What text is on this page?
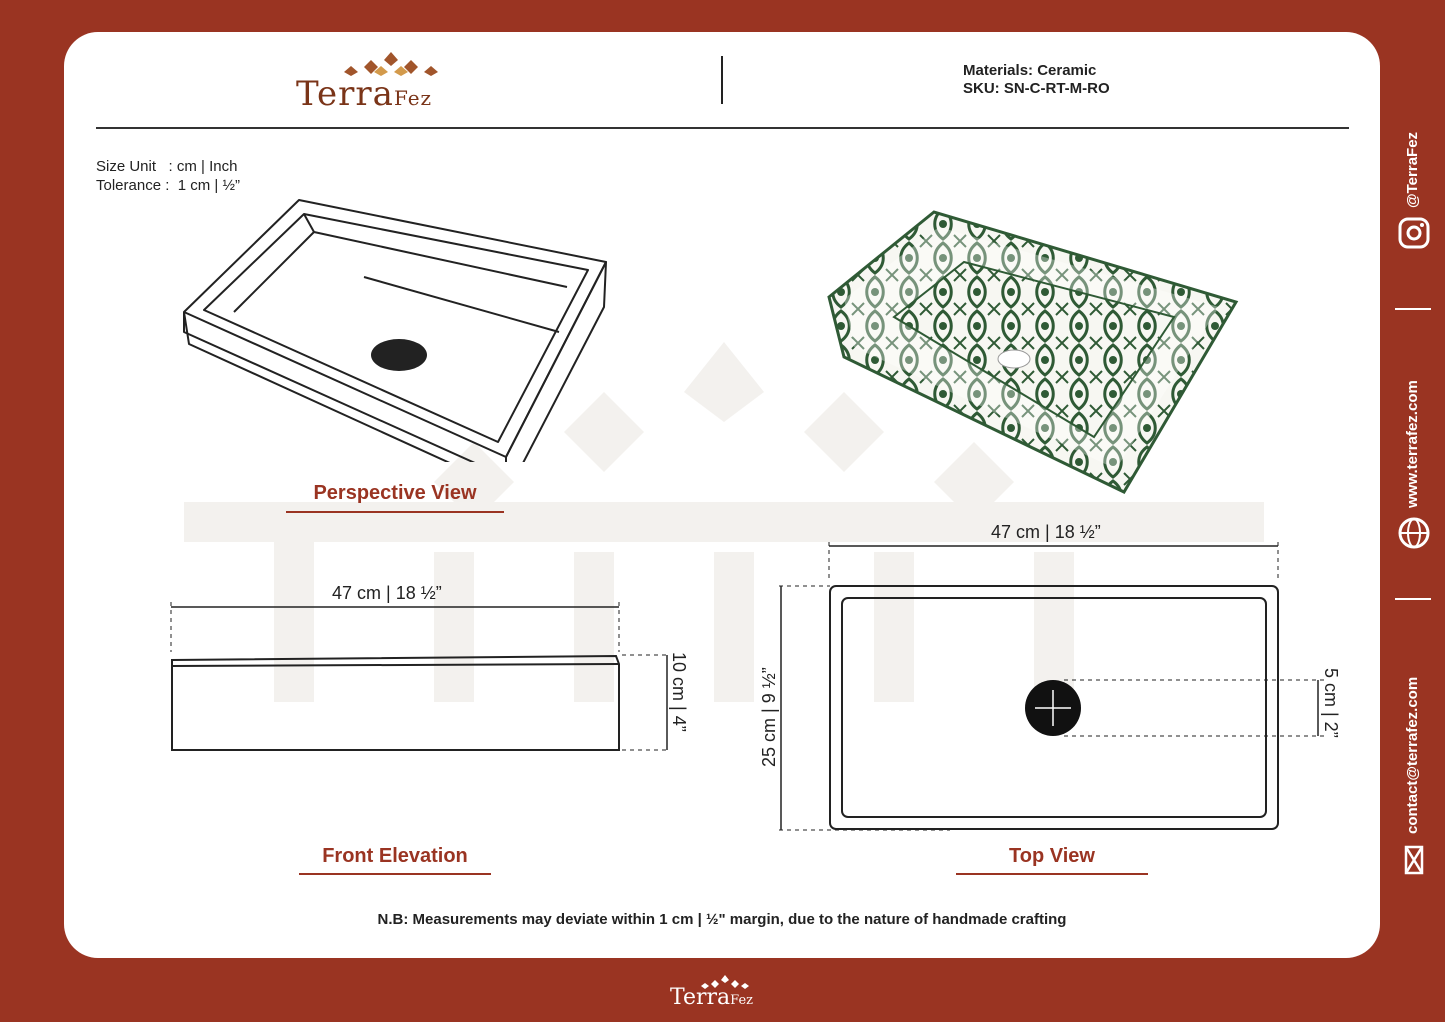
TerraFez
Materials: Ceramic
SKU: SN-C-RT-M-RO
Size Unit   : cm | Inch
Tolerance :  1 cm | ½”
Perspective View
47 cm | 18 ½”
10 cm | 4”
Front Elevation
47 cm | 18 ½”
25 cm | 9 ½”	5 cm | 2”
Top View
N.B: Measurements may deviate within 1 cm | ½" margin, due to the nature of handmade crafting
@TerraFez
www.terrafez.com
contact@terrafez.com
TerraFez
